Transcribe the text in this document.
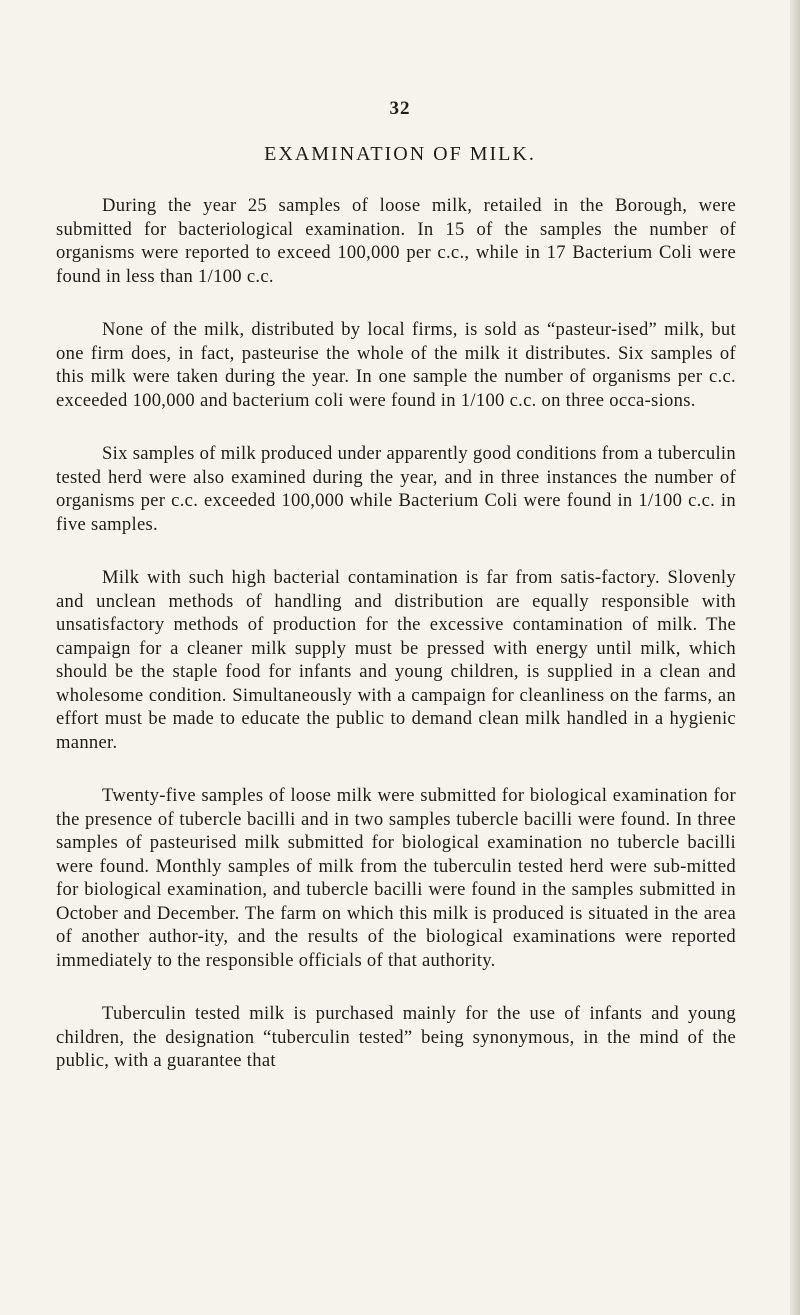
32
EXAMINATION OF MILK.

During the year 25 samples of loose milk, retailed in the Borough, were submitted for bacteriological examination. In 15 of the samples the number of organisms were reported to exceed 100,000 per c.c., while in 17 Bacterium Coli were found in less than 1/100 c.c.

None of the milk, distributed by local firms, is sold as “pasteur-ised” milk, but one firm does, in fact, pasteurise the whole of the milk it distributes. Six samples of this milk were taken during the year. In one sample the number of organisms per c.c. exceeded 100,000 and bacterium coli were found in 1/100 c.c. on three occa-sions.

Six samples of milk produced under apparently good conditions from a tuberculin tested herd were also examined during the year, and in three instances the number of organisms per c.c. exceeded 100,000 while Bacterium Coli were found in 1/100 c.c. in five samples.

Milk with such high bacterial contamination is far from satis-factory. Slovenly and unclean methods of handling and distribution are equally responsible with unsatisfactory methods of production for the excessive contamination of milk. The campaign for a cleaner milk supply must be pressed with energy until milk, which should be the staple food for infants and young children, is supplied in a clean and wholesome condition. Simultaneously with a campaign for cleanliness on the farms, an effort must be made to educate the public to demand clean milk handled in a hygienic manner.

Twenty-five samples of loose milk were submitted for biological examination for the presence of tubercle bacilli and in two samples tubercle bacilli were found. In three samples of pasteurised milk submitted for biological examination no tubercle bacilli were found. Monthly samples of milk from the tuberculin tested herd were sub-mitted for biological examination, and tubercle bacilli were found in the samples submitted in October and December. The farm on which this milk is produced is situated in the area of another author-ity, and the results of the biological examinations were reported immediately to the responsible officials of that authority.

Tuberculin tested milk is purchased mainly for the use of infants and young children, the designation “tuberculin tested” being synonymous, in the mind of the public, with a guarantee that
